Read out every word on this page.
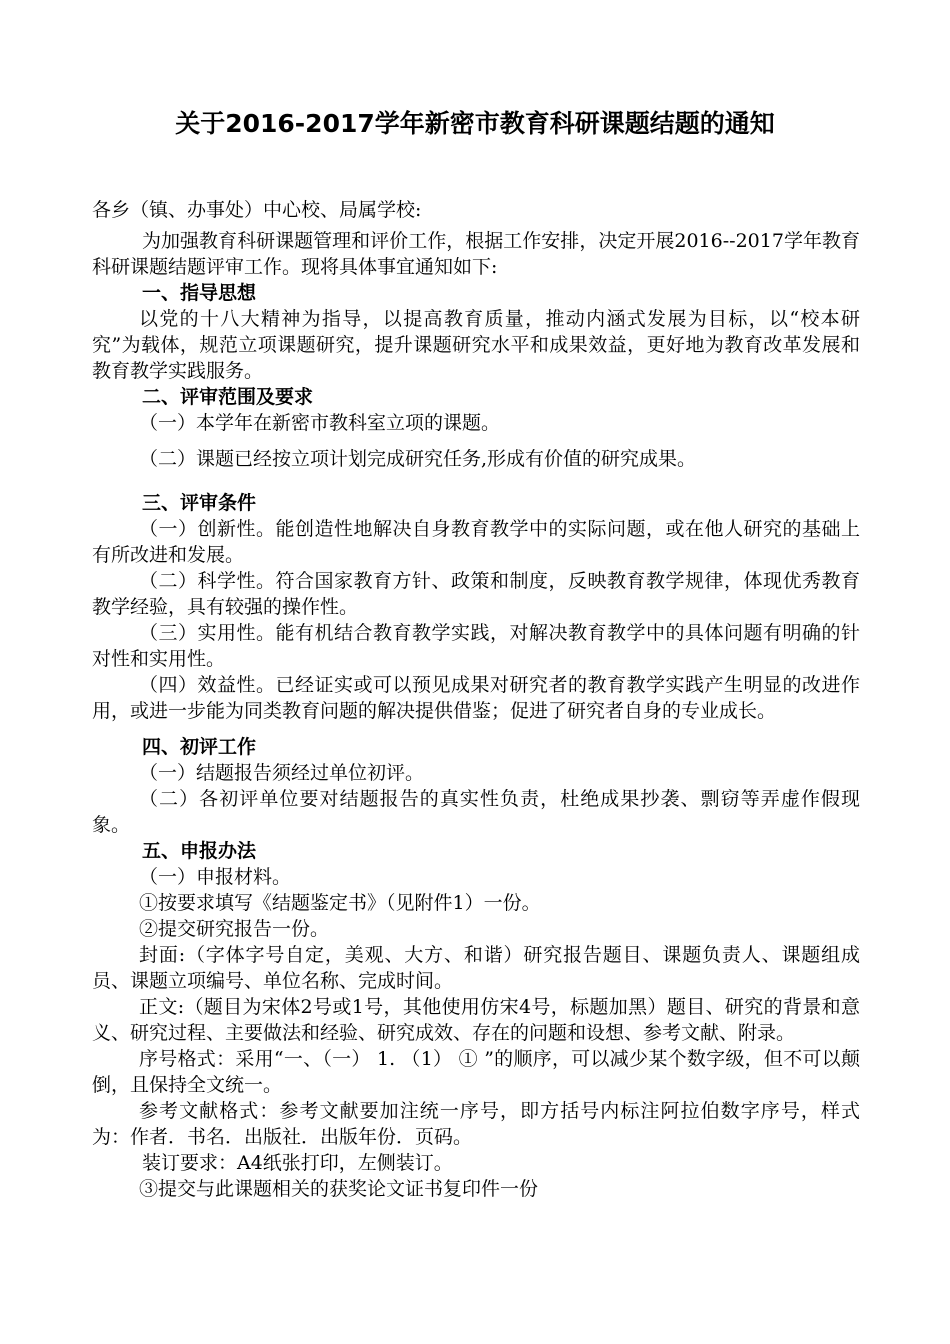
关于2016-2017学年新密市教育科研课题结题的通知

各乡（镇、办事处）中心校、局属学校:

为加强教育科研课题管理和评价工作，根据工作安排，决定开展2016--2017学年教育科研课题结题评审工作。现将具体事宜通知如下:

一、指导思想

以党的十八大精神为指导，以提高教育质量，推动内涵式发展为目标，以“校本研究”为载体，规范立项课题研究，提升课题研究水平和成果效益，更好地为教育改革发展和教育教学实践服务。

二、评审范围及要求

（一）本学年在新密市教科室立项的课题。

（二）课题已经按立项计划完成研究任务,形成有价值的研究成果。

三、评审条件

（一）创新性。能创造性地解决自身教育教学中的实际问题，或在他人研究的基础上有所改进和发展。

（二）科学性。符合国家教育方针、政策和制度，反映教育教学规律，体现优秀教育教学经验，具有较强的操作性。

（三）实用性。能有机结合教育教学实践，对解决教育教学中的具体问题有明确的针对性和实用性。

（四）效益性。已经证实或可以预见成果对研究者的教育教学实践产生明显的改进作用，或进一步能为同类教育问题的解决提供借鉴；促进了研究者自身的专业成长。

四、初评工作

（一）结题报告须经过单位初评。

（二）各初评单位要对结题报告的真实性负责，杜绝成果抄袭、剽窃等弄虚作假现象。

五、申报办法

（一）申报材料。

①按要求填写《结题鉴定书》（见附件1）一份。

②提交研究报告一份。

封面:（字体字号自定，美观、大方、和谐）研究报告题目、课题负责人、课题组成员、课题立项编号、单位名称、完成时间。

正文:（题目为宋体2号或1号，其他使用仿宋4号，标题加黑）题目、研究的背景和意义、研究过程、主要做法和经验、研究成效、存在的问题和设想、参考文献、附录。

序号格式：采用“一、（一） 1. （1） ① ”的顺序，可以减少某个数字级，但不可以颠倒，且保持全文统一。

参考文献格式：参考文献要加注统一序号，即方括号内标注阿拉伯数字序号，样式为：作者．书名．出版社．出版年份．页码。

装订要求：A4纸张打印，左侧装订。

③提交与此课题相关的获奖论文证书复印件一份
